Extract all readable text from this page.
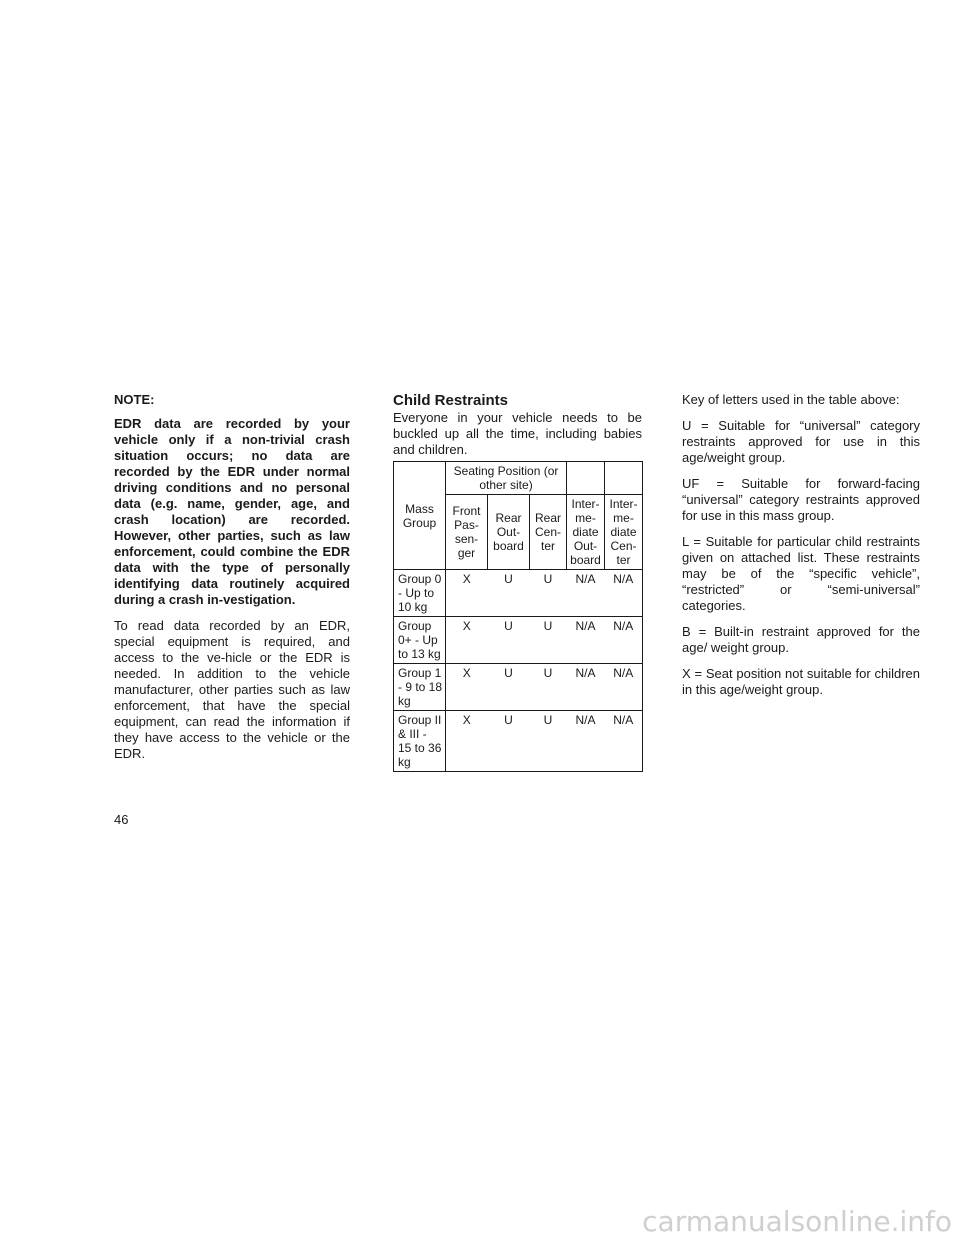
NOTE:

EDR data are recorded by your vehicle only if a non-trivial crash situation occurs; no data are recorded by the EDR under normal driving conditions and no personal data (e.g. name, gender, age, and crash location) are recorded. However, other parties, such as law enforcement, could combine the EDR data with the type of personally identifying data routinely acquired during a crash in-vestigation.

To read data recorded by an EDR, special equipment is required, and access to the ve-hicle or the EDR is needed. In addition to the vehicle manufacturer, other parties such as law enforcement, that have the special equipment, can read the information if they have access to the vehicle or the EDR.

Child Restraints

Everyone in your vehicle needs to be buckled up all the time, including babies and children.

Mass Group	Seating Position (or other site)				
	Front Pas-sen-ger	Rear Out-board	Rear Cen-ter	Inter-me-diate Out-board	Inter-me-diate Cen-ter
Group 0 - Up to 10 kg	X	U	U	N/A	N/A
Group 0+ - Up to 13 kg	X	U	U	N/A	N/A
Group 1 - 9 to 18 kg	X	U	U	N/A	N/A
Group II & III - 15 to 36 kg	X	U	U	N/A	N/A

Key of letters used in the table above:

U = Suitable for “universal” category restraints approved for use in this age/weight group.

UF = Suitable for forward-facing “universal” category restraints approved for use in this mass group.

L = Suitable for particular child restraints given on attached list. These restraints may be of the “specific vehicle”, “restricted” or “semi-universal” categories.

B = Built-in restraint approved for the age/ weight group.

X = Seat position not suitable for children in this age/weight group.

46
carmanualsonline.info
